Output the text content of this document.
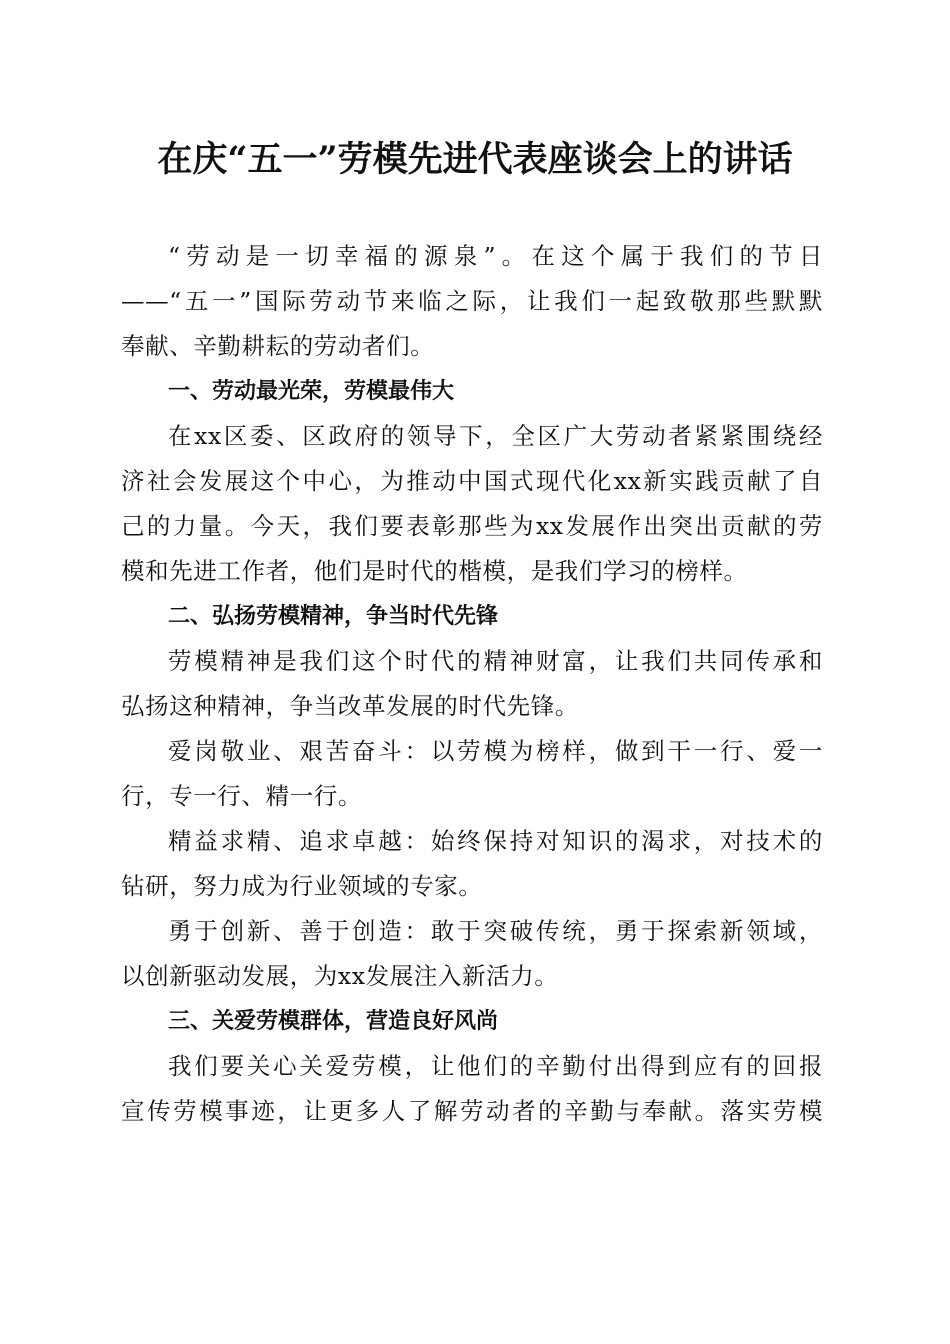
在庆“五一”劳模先进代表座谈会上的讲话

“劳动是一切幸福的源泉”。在这个属于我们的节日
——“五一”国际劳动节来临之际，让我们一起致敬那些默默
奉献、辛勤耕耘的劳动者们。

一、劳动最光荣，劳模最伟大

在xx区委、区政府的领导下，全区广大劳动者紧紧围绕经
济社会发展这个中心，为推动中国式现代化xx新实践贡献了自
己的力量。今天，我们要表彰那些为xx发展作出突出贡献的劳
模和先进工作者，他们是时代的楷模，是我们学习的榜样。

二、弘扬劳模精神，争当时代先锋

劳模精神是我们这个时代的精神财富，让我们共同传承和
弘扬这种精神，争当改革发展的时代先锋。

爱岗敬业、艰苦奋斗：以劳模为榜样，做到干一行、爱一
行，专一行、精一行。

精益求精、追求卓越：始终保持对知识的渴求，对技术的
钻研，努力成为行业领域的专家。

勇于创新、善于创造：敢于突破传统，勇于探索新领域，
以创新驱动发展，为xx发展注入新活力。

三、关爱劳模群体，营造良好风尚

我们要关心关爱劳模，让他们的辛勤付出得到应有的回报
宣传劳模事迹，让更多人了解劳动者的辛勤与奉献。落实劳模
